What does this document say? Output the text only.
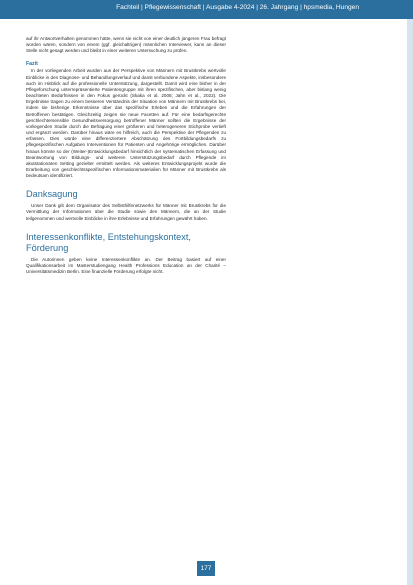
Fachteil | Pflegewissenschaft | Ausgabe 4-2024 | 26. Jahrgang | hpsmedia, Hungen

auf ihr Antwortverhalten genommen hätte, wenn sie nicht von einer deutlich jüngeren Frau befragt worden wären, sondern von einem (ggf. gleichaltrigen) männlichen Interviewer, kann an dieser Stelle nicht gesagt werden und bleibt in einer weiteren Untersuchung zu prüfen.

Fazit

In der vorliegenden Arbeit wurden aus der Perspektive von Männern mit Brustkrebs wertvolle Einblicke in den Diagnose- und Behandlungsverlauf und damit verbundene Aspekte, insbesondere auch im Hinblick auf die professionelle Unterstützung, dargestellt. Damit wird eine bisher in der Pflegeforschung unterrepräsentierte Patientengruppe mit ihren spezifischen, aber bislang wenig beachteten Bedürfnissen in den Fokus gerückt (Skaka et al. 2008; Jahn et al., 2022). Die Ergebnisse tragen zu einem besseren Verständnis der Situation von Männern mit Brustkrebs bei, indem sie bisherige Erkenntnisse über das spezifische Erleben und die Erfahrungen der Betroffenen bestätigen. Gleichzeitig zeigen sie neue Facetten auf. Für eine bedarfsgerechte geschlechtersensible Gesundheitsversorgung betroffener Männer sollten die Ergebnisse der vorliegenden Studie durch die Befragung einer größeren und heterogeneren Stichprobe vertieft und ergänzt werden. Darüber hinaus wäre es hilfreich, auch die Perspektive der Pflegenden zu erfassen. Dies würde eine differenziertere Abschätzung des Fortbildungsbedarfs zu pflegespezifischen Aufgaben Interventionen für Patienten und Angehörige ermöglichen. Darüber hinaus könnte so der (Weiter-)Entwicklungsbedarf hinsichtlich der systematischen Erfassung und Beantwortung von Bildungs- und weiteren Unterstützungsbedarf durch Pflegende im akutstationären Setting gezielter ermittelt werden. Als weiteres Entwicklungsprojekt wurde die Erarbeitung von geschlechtsspezifischen Informationsmaterialien für Männer mit Brustkrebs als bedeutsam identifiziert.

Danksagung

Unser Dank gilt dem Organisator des Selbsthilfenetzwerks für Männer mit Brustkrebs für die Vermittlung der Informationen über die Studie sowie den Männern, die an der Studie teilgenommen und wertvolle Einblicke in ihre Erlebnisse und Erfahrungen gewährt haben.

Interessenkonflikte, Entstehungskontext, Förderung

Die Autorinnen geben keine Interessenkonflikte an. Der Beitrag basiert auf einer Qualifikationsarbeit im Masterstudiengang Health Professions Education an der Charité – Universitätsmedizin Berlin. Eine finanzielle Förderung erfolgte nicht.

177
